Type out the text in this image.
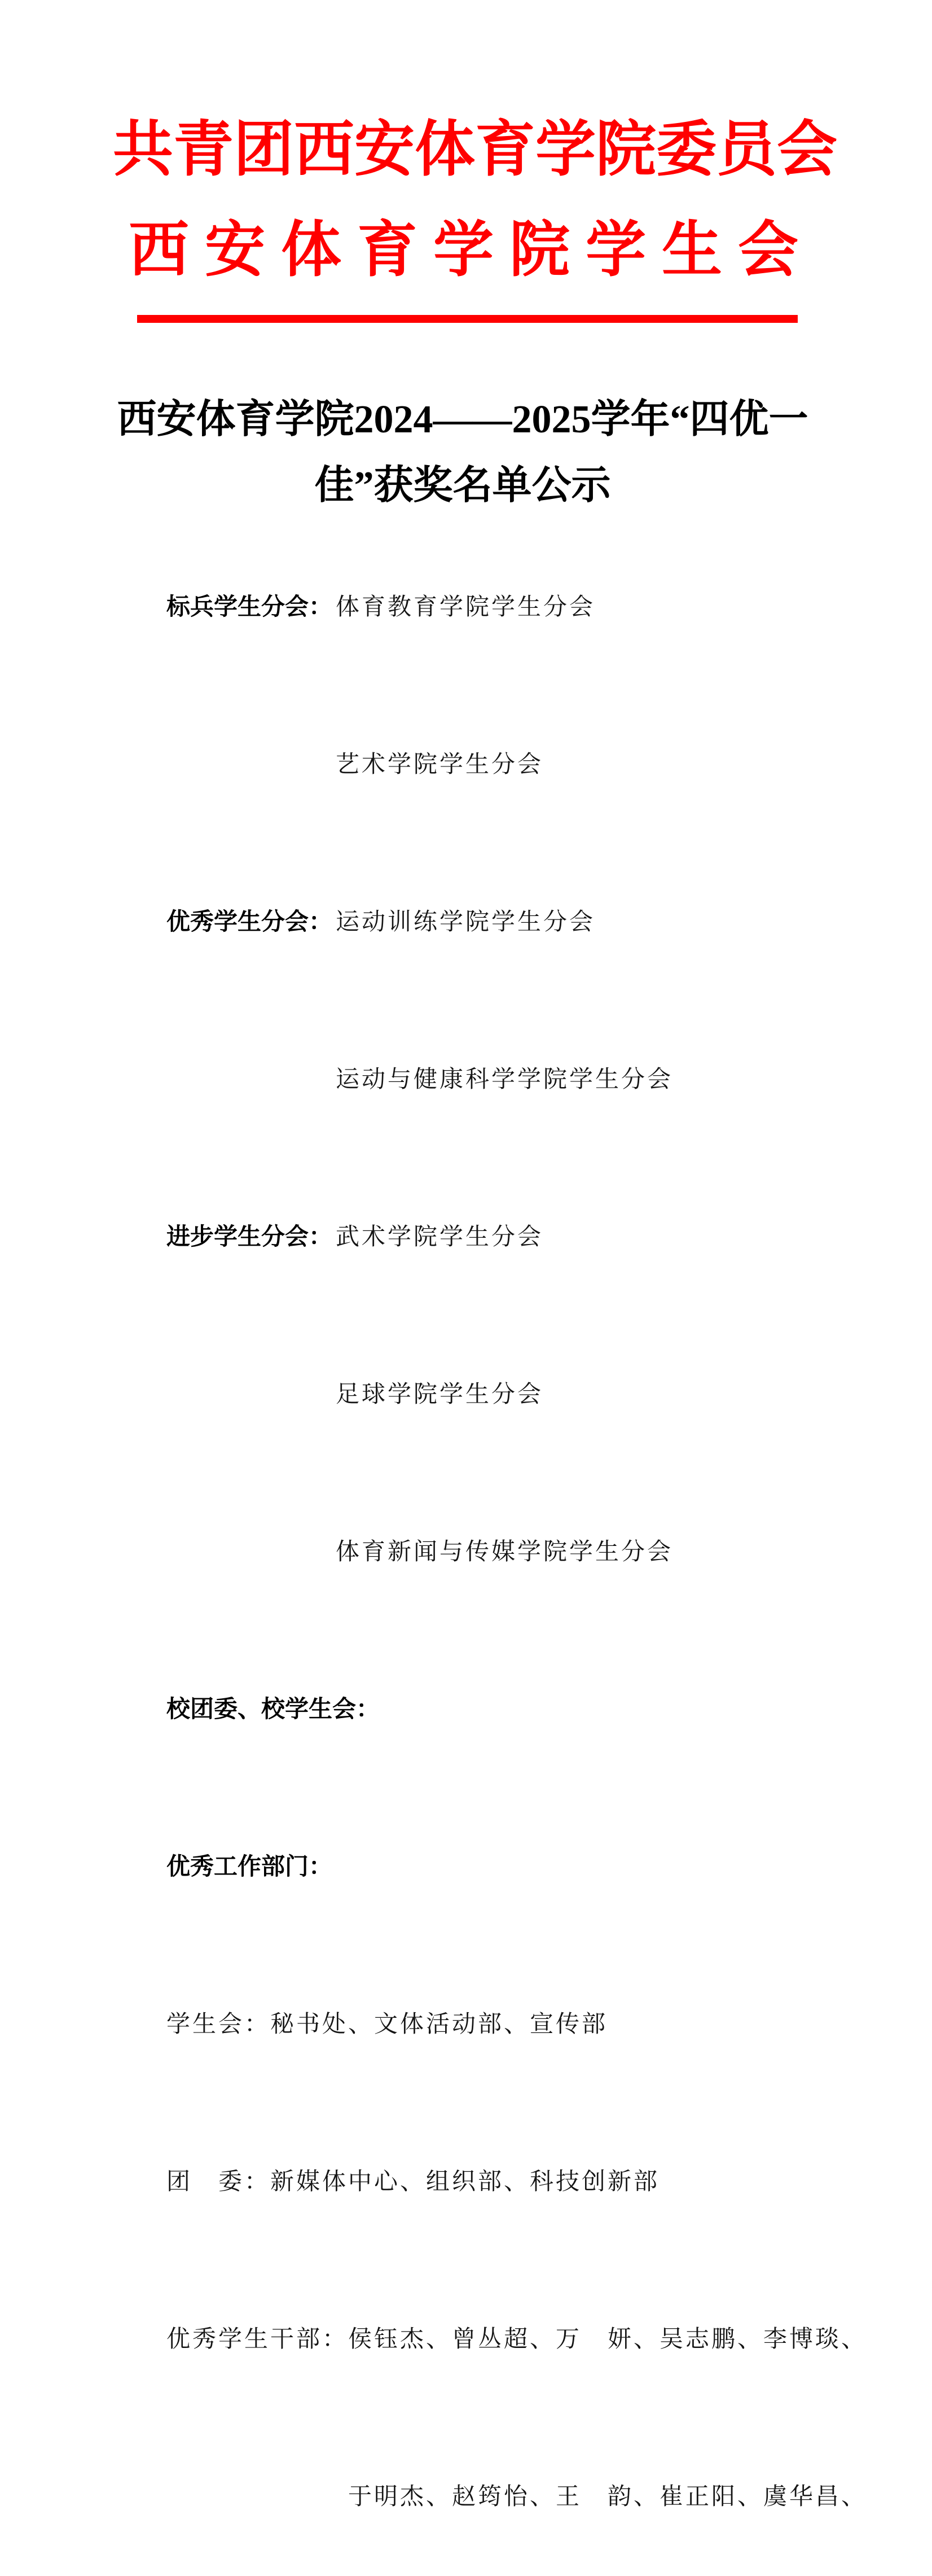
共青团西安体育学院委员会
西安体育学院学生会
西安体育学院2024——2025学年“四优一
佳”获奖名单公示

标兵学生分会： 体育教育学院学生分会

艺术学院学生分会

优秀学生分会： 运动训练学院学生分会

运动与健康科学学院学生分会

进步学生分会： 武术学院学生分会

足球学院学生分会

体育新闻与传媒学院学生分会

校团委、校学生会：

优秀工作部门：

学生会：秘书处、文体活动部、宣传部

团　委：新媒体中心、组织部、科技创新部

优秀学生干部：侯钰杰、曾丛超、万　妍、吴志鹏、李博琰、

于明杰、赵筠怡、王　韵、崔正阳、虞华昌、
